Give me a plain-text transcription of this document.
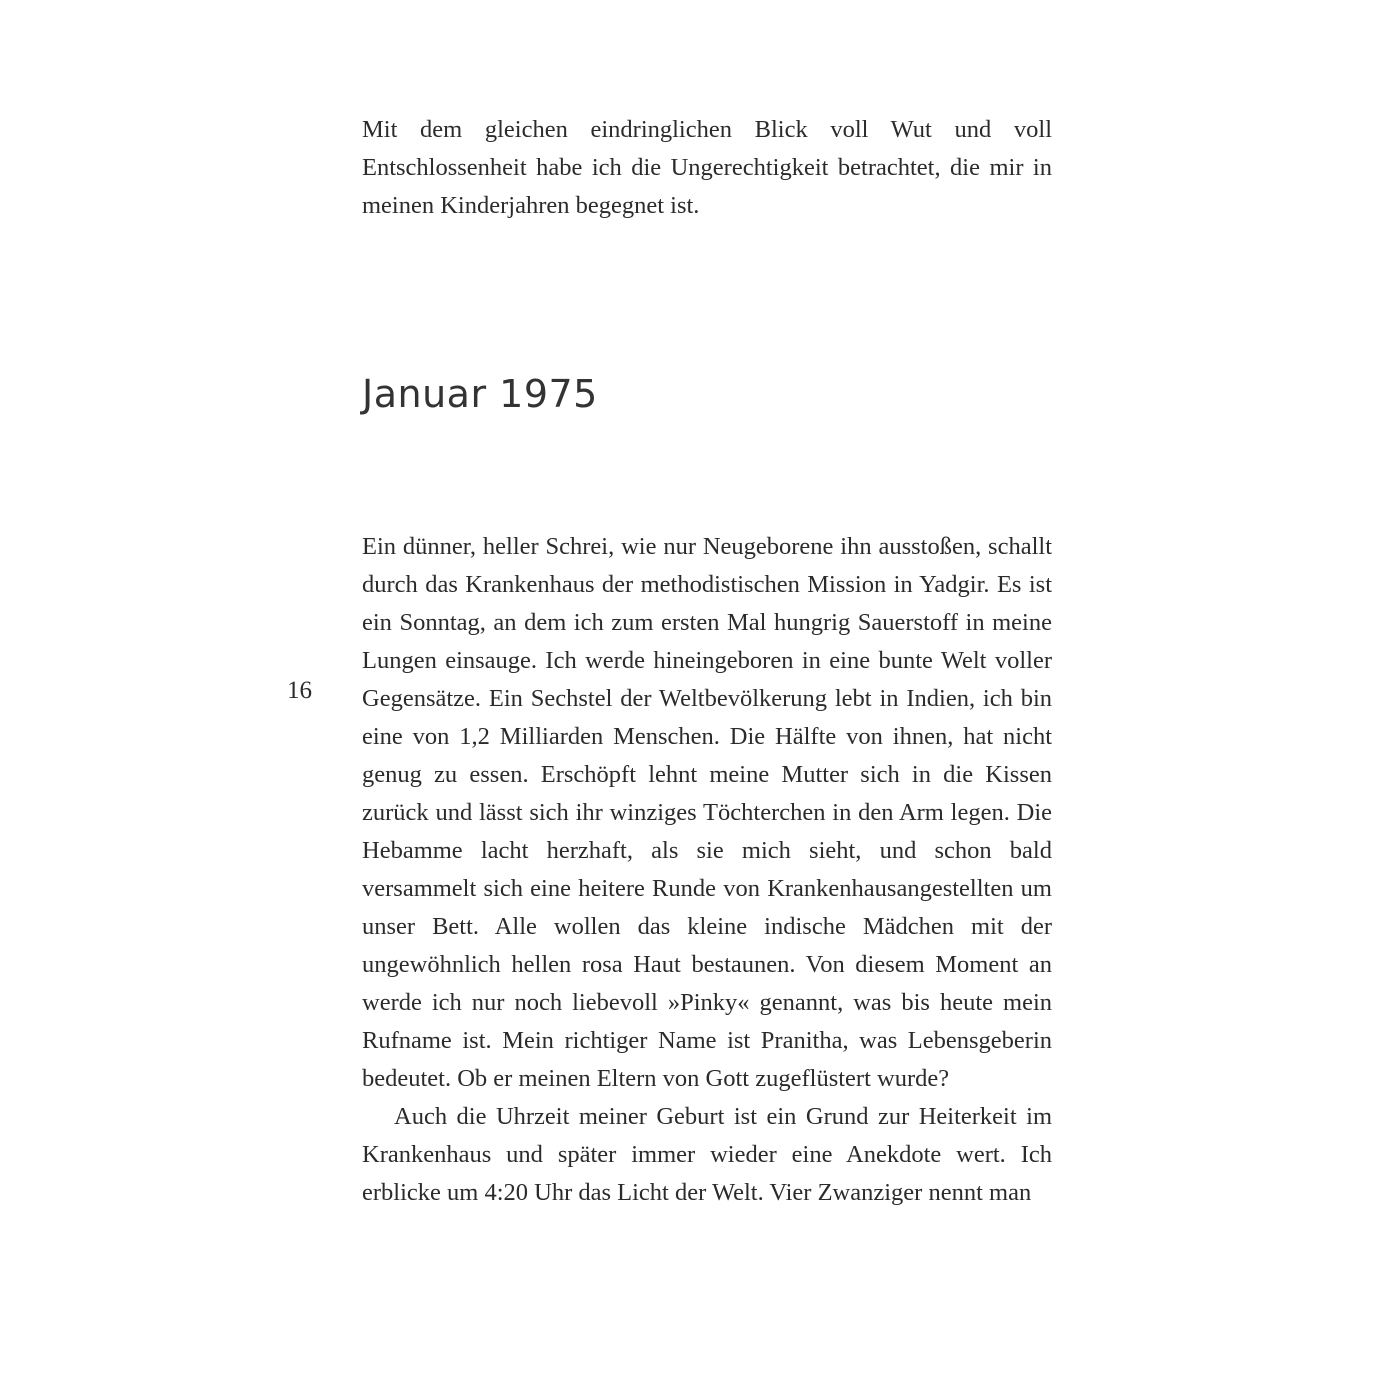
Mit dem gleichen eindringlichen Blick voll Wut und voll Entschlossenheit habe ich die Ungerechtigkeit betrachtet, die mir in meinen Kinderjahren begegnet ist.

Januar 1975

Ein dünner, heller Schrei, wie nur Neugeborene ihn ausstoßen, schallt durch das Krankenhaus der methodistischen Mission in Yadgir. Es ist ein Sonntag, an dem ich zum ersten Mal hungrig Sauerstoff in meine Lungen einsauge. Ich werde hineingeboren in eine bunte Welt voller Gegensätze. Ein Sechstel der Weltbevölkerung lebt in Indien, ich bin eine von 1,2 Milliarden Menschen. Die Hälfte von ihnen, hat nicht genug zu essen. Erschöpft lehnt meine Mutter sich in die Kissen zurück und lässt sich ihr winziges Töchterchen in den Arm legen. Die Hebamme lacht herzhaft, als sie mich sieht, und schon bald versammelt sich eine heitere Runde von Krankenhausangestellten um unser Bett. Alle wollen das kleine indische Mädchen mit der ungewöhnlich hellen rosa Haut bestaunen. Von diesem Moment an werde ich nur noch liebevoll »Pinky« genannt, was bis heute mein Rufname ist. Mein richtiger Name ist Pranitha, was Lebensgeberin bedeutet. Ob er meinen Eltern von Gott zugeflüstert wurde?

Auch die Uhrzeit meiner Geburt ist ein Grund zur Heiterkeit im Krankenhaus und später immer wieder eine Anekdote wert. Ich erblicke um 4:20 Uhr das Licht der Welt. Vier Zwanziger nennt man

16
